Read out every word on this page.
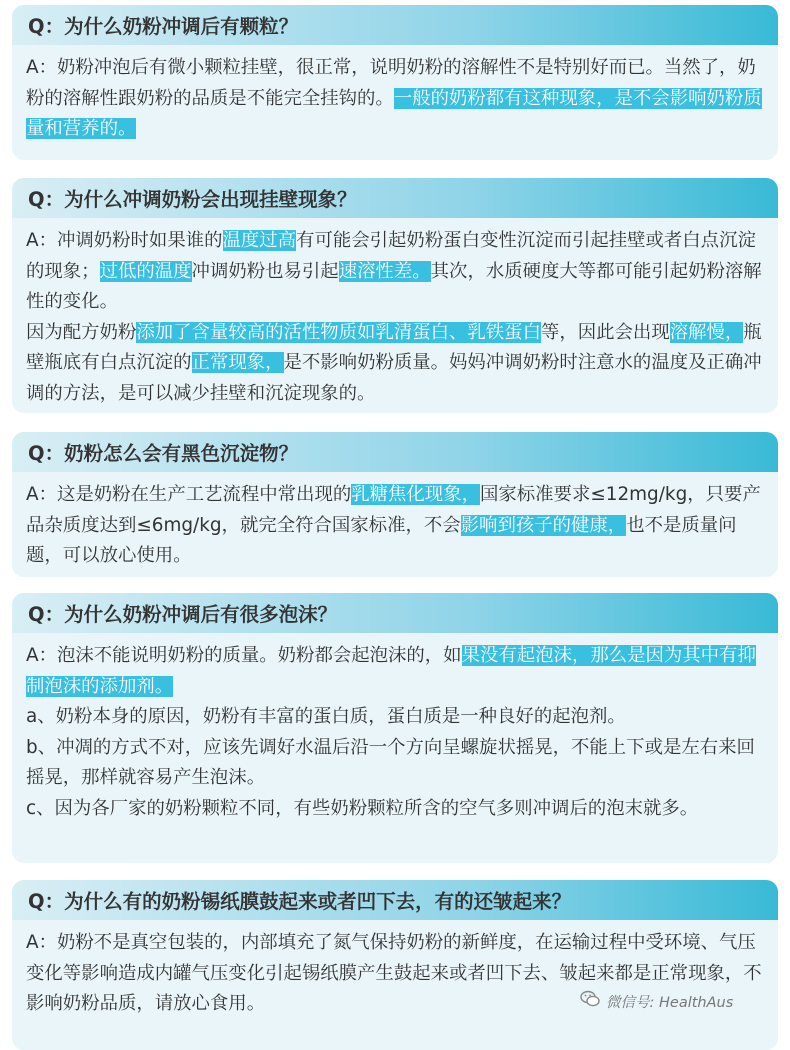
Q：为什么奶粉冲调后有颗粒？

A：奶粉冲泡后有微小颗粒挂壁，很正常，说明奶粉的溶解性不是特别好而已。当然了，奶粉的溶解性跟奶粉的品质是不能完全挂钩的。一般的奶粉都有这种现象，是不会影响奶粉质量和营养的。

Q：为什么冲调奶粉会出现挂壁现象？

A：冲调奶粉时如果谁的温度过高有可能会引起奶粉蛋白变性沉淀而引起挂壁或者白点沉淀的现象；过低的温度冲调奶粉也易引起速溶性差。其次，水质硬度大等都可能引起奶粉溶解性的变化。

因为配方奶粉添加了含量较高的活性物质如乳清蛋白、乳铁蛋白等，因此会出现溶解慢，瓶壁瓶底有白点沉淀的正常现象，是不影响奶粉质量。妈妈冲调奶粉时注意水的温度及正确冲调的方法，是可以减少挂壁和沉淀现象的。

Q：奶粉怎么会有黑色沉淀物？

A：这是奶粉在生产工艺流程中常出现的乳糖焦化现象，国家标准要求≤12mg/kg，只要产品杂质度达到≤6mg/kg，就完全符合国家标准，不会影响到孩子的健康，也不是质量问题，可以放心使用。

Q：为什么奶粉冲调后有很多泡沫？

A：泡沫不能说明奶粉的质量。奶粉都会起泡沫的，如果没有起泡沫，那么是因为其中有抑制泡沫的添加剂。

a、奶粉本身的原因，奶粉有丰富的蛋白质，蛋白质是一种良好的起泡剂。

b、冲凋的方式不对，应该先调好水温后沿一个方向呈螺旋状摇晃，不能上下或是左右来回摇晃，那样就容易产生泡沫。

c、因为各厂家的奶粉颗粒不同，有些奶粉颗粒所含的空气多则冲调后的泡末就多。

Q：为什么有的奶粉锡纸膜鼓起来或者凹下去，有的还皱起来？

A：奶粉不是真空包装的，内部填充了氮气保持奶粉的新鲜度，在运输过程中受环境、气压变化等影响造成内罐气压变化引起锡纸膜产生鼓起来或者凹下去、皱起来都是正常现象，不影响奶粉品质，请放心食用。	微信号: HealthAus
